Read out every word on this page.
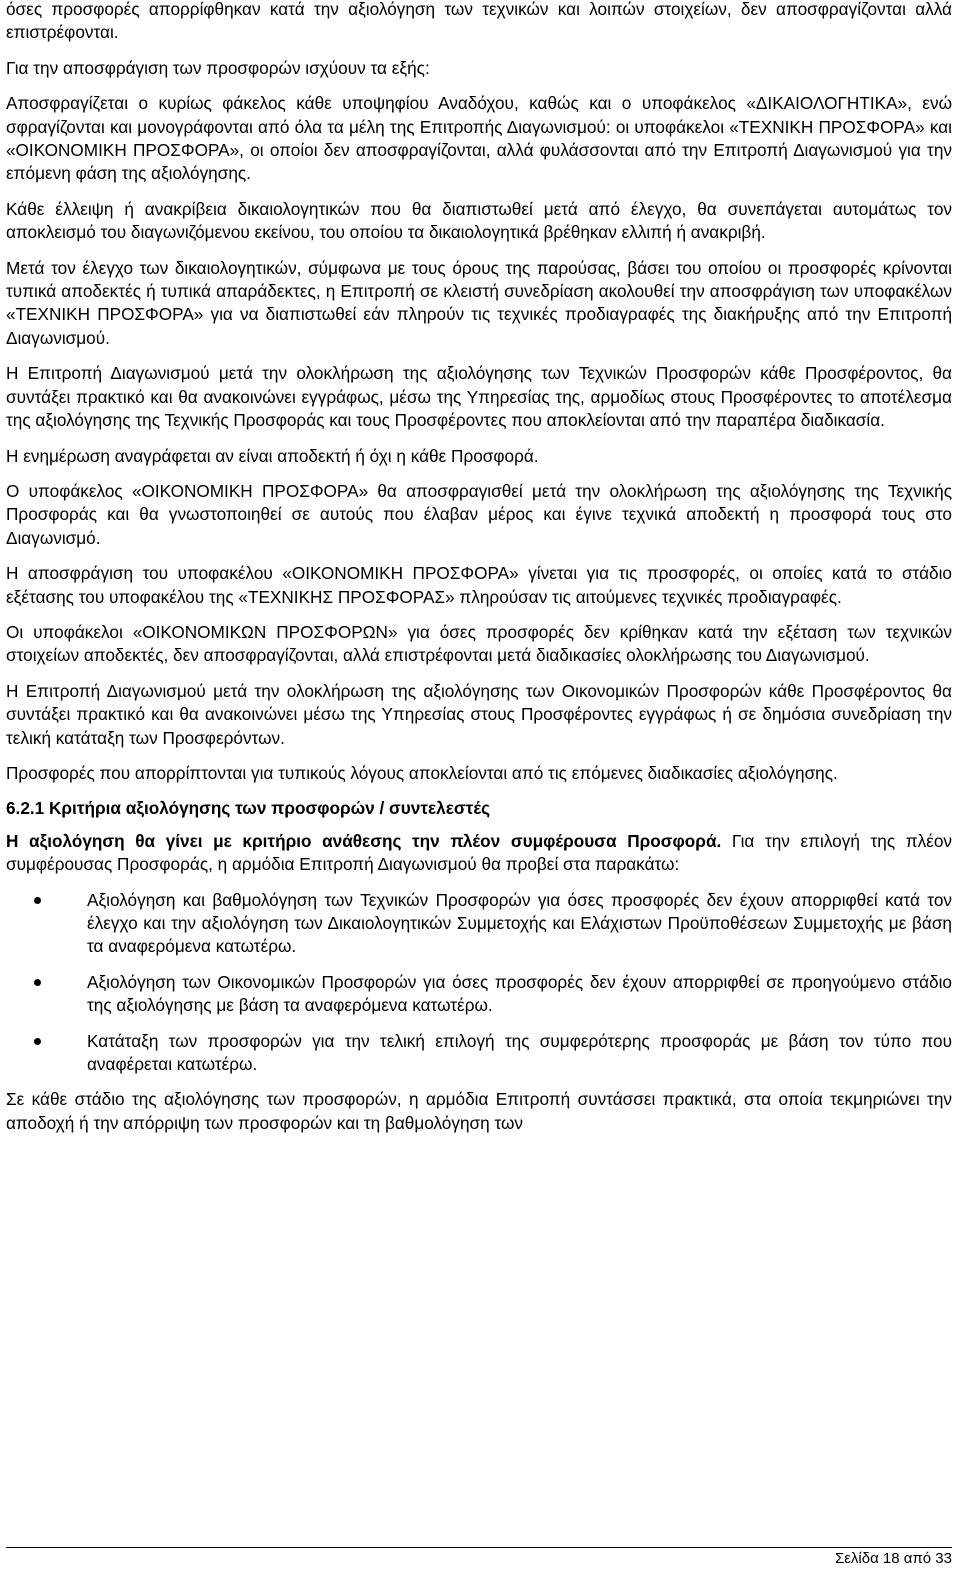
όσες προσφορές απορρίφθηκαν κατά την αξιολόγηση των τεχνικών και λοιπών στοιχείων, δεν αποσφραγίζονται αλλά επιστρέφονται.

Για την αποσφράγιση των προσφορών ισχύουν τα εξής:

Αποσφραγίζεται ο κυρίως φάκελος κάθε υποψηφίου Αναδόχου, καθώς και ο υποφάκελος «ΔΙΚΑΙΟΛΟΓΗΤΙΚΑ», ενώ σφραγίζονται και μονογράφονται από όλα τα μέλη της Επιτροπής Διαγωνισμού: οι υποφάκελοι «ΤΕΧΝΙΚΗ ΠΡΟΣΦΟΡΑ» και «ΟΙΚΟΝΟΜΙΚΗ ΠΡΟΣΦΟΡΑ», οι οποίοι δεν αποσφραγίζονται, αλλά φυλάσσονται από την Επιτροπή Διαγωνισμού για την επόμενη φάση της αξιολόγησης.

Κάθε έλλειψη ή ανακρίβεια δικαιολογητικών που θα διαπιστωθεί μετά από έλεγχο, θα συνεπάγεται αυτομάτως τον αποκλεισμό του διαγωνιζόμενου εκείνου, του οποίου τα δικαιολογητικά βρέθηκαν ελλιπή ή ανακριβή.

Μετά τον έλεγχο των δικαιολογητικών, σύμφωνα με τους όρους της παρούσας, βάσει του οποίου οι προσφορές κρίνονται τυπικά αποδεκτές ή τυπικά απαράδεκτες, η Επιτροπή σε κλειστή συνεδρίαση ακολουθεί την αποσφράγιση των υποφακέλων «ΤΕΧΝΙΚΗ ΠΡΟΣΦΟΡΑ» για να διαπιστωθεί εάν πληρούν τις τεχνικές προδιαγραφές της διακήρυξης από την Επιτροπή Διαγωνισμού.

Η Επιτροπή Διαγωνισμού μετά την ολοκλήρωση της αξιολόγησης των Τεχνικών Προσφορών κάθε Προσφέροντος, θα συντάξει πρακτικό και θα ανακοινώνει εγγράφως, μέσω της Υπηρεσίας της, αρμοδίως στους Προσφέροντες το αποτέλεσμα της αξιολόγησης της Τεχνικής Προσφοράς και τους Προσφέροντες που αποκλείονται από την παραπέρα διαδικασία.

Η ενημέρωση αναγράφεται αν είναι αποδεκτή ή όχι η κάθε Προσφορά.

Ο υποφάκελος «ΟΙΚΟΝΟΜΙΚΗ ΠΡΟΣΦΟΡΑ» θα αποσφραγισθεί μετά την ολοκλήρωση της αξιολόγησης της Τεχνικής Προσφοράς και θα γνωστοποιηθεί σε αυτούς που έλαβαν μέρος και έγινε τεχνικά αποδεκτή η προσφορά τους στο Διαγωνισμό.

Η αποσφράγιση του υποφακέλου «ΟΙΚΟΝΟΜΙΚΗ ΠΡΟΣΦΟΡΑ» γίνεται για τις προσφορές, οι οποίες κατά το στάδιο εξέτασης του υποφακέλου της «ΤΕΧΝΙΚΗΣ ΠΡΟΣΦΟΡΑΣ» πληρούσαν τις αιτούμενες τεχνικές προδιαγραφές.

Οι υποφάκελοι «ΟΙΚΟΝΟΜΙΚΩΝ ΠΡΟΣΦΟΡΩΝ» για όσες προσφορές δεν κρίθηκαν κατά την εξέταση των τεχνικών στοιχείων αποδεκτές, δεν αποσφραγίζονται, αλλά επιστρέφονται μετά διαδικασίες ολοκλήρωσης του Διαγωνισμού.

Η Επιτροπή Διαγωνισμού μετά την ολοκλήρωση της αξιολόγησης των Οικονομικών Προσφορών κάθε Προσφέροντος θα συντάξει πρακτικό και θα ανακοινώνει μέσω της Υπηρεσίας στους Προσφέροντες εγγράφως ή σε δημόσια συνεδρίαση την τελική κατάταξη των Προσφερόντων.

Προσφορές που απορρίπτονται για τυπικούς λόγους αποκλείονται από τις επόμενες διαδικασίες αξιολόγησης.

6.2.1 Κριτήρια αξιολόγησης των προσφορών / συντελεστές

Η αξιολόγηση θα γίνει με κριτήριο ανάθεσης την πλέον συμφέρουσα Προσφορά. Για την επιλογή της πλέον συμφέρουσας Προσφοράς, η αρμόδια Επιτροπή Διαγωνισμού θα προβεί στα παρακάτω:

Αξιολόγηση και βαθμολόγηση των Τεχνικών Προσφορών για όσες προσφορές δεν έχουν απορριφθεί κατά τον έλεγχο και την αξιολόγηση των Δικαιολογητικών Συμμετοχής και Ελάχιστων Προϋποθέσεων Συμμετοχής με βάση τα αναφερόμενα κατωτέρω.
Αξιολόγηση των Οικονομικών Προσφορών για όσες προσφορές δεν έχουν απορριφθεί σε προηγούμενο στάδιο της αξιολόγησης με βάση τα αναφερόμενα κατωτέρω.
Κατάταξη των προσφορών για την τελική επιλογή της συμφερότερης προσφοράς με βάση τον τύπο που αναφέρεται κατωτέρω.

Σε κάθε στάδιο της αξιολόγησης των προσφορών, η αρμόδια Επιτροπή συντάσσει πρακτικά, στα οποία τεκμηριώνει την αποδοχή ή την απόρριψη των προσφορών και τη βαθμολόγηση των

Σελίδα 18 από 33
